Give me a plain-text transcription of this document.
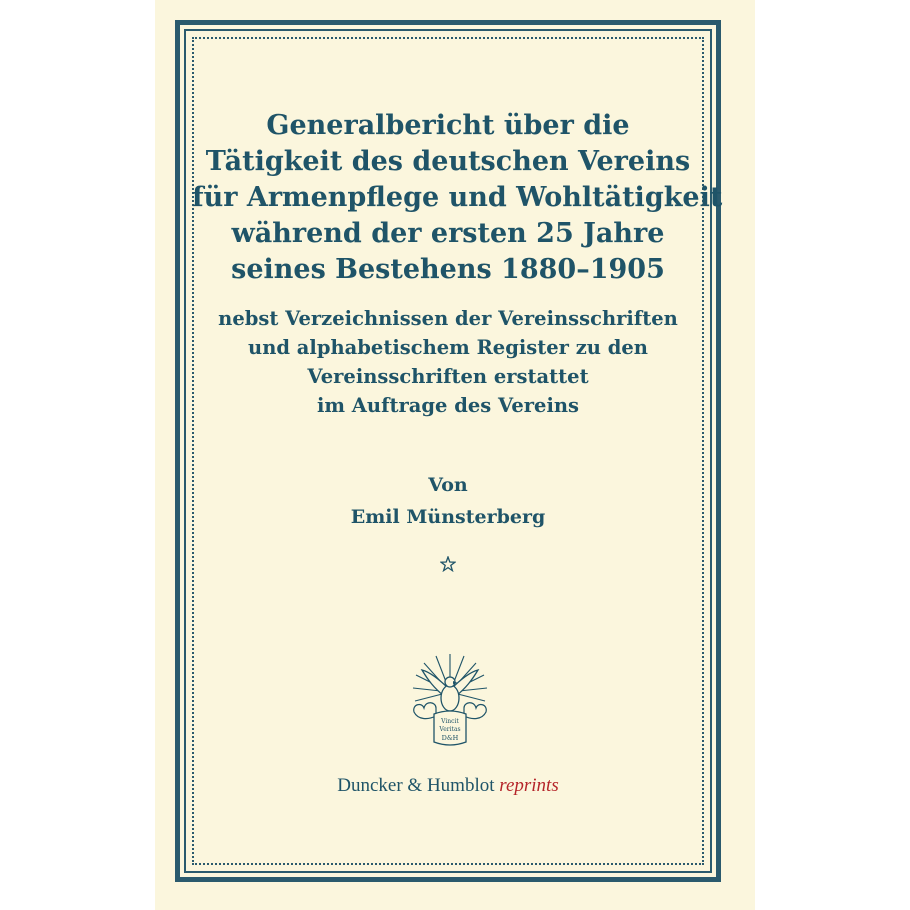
Generalbericht über die
Tätigkeit des deutschen Vereins
für Armenpflege und Wohltätigkeit
während der ersten 25 Jahre
seines Bestehens 1880–1905
nebst Verzeichnissen der Vereinsschriften
und alphabetischem Register zu den
Vereinsschriften erstattet
im Auftrage des Vereins
Von
Emil Münsterberg
Vincit
Veritas
D&H
Duncker & Humblot reprints
